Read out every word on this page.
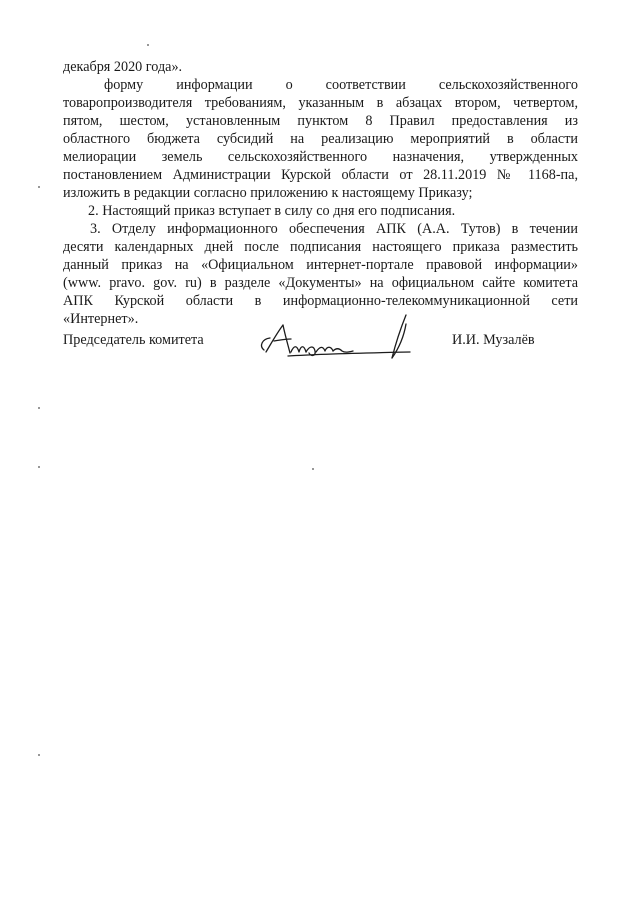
декабря 2020 года».
форму информации о соответствии сельскохозяйственного
товаропроизводителя требованиям, указанным в абзацах втором, четвертом,
пятом, шестом, установленным пунктом 8 Правил предоставления из
областного бюджета субсидий на реализацию мероприятий в области
мелиорации земель сельскохозяйственного назначения, утвержденных
постановлением Администрации Курской области от 28.11.2019 № 1168-па,
изложить в редакции согласно приложению к настоящему Приказу;
2. Настоящий приказ вступает в силу со дня его подписания.
3. Отделу информационного обеспечения АПК (А.А. Тутов) в течении
десяти календарных дней после подписания настоящего приказа разместить
данный приказ на «Официальном интернет-портале правовой информации»
(www. pravo. gov. ru) в разделе «Документы» на официальном сайте комитета
АПК Курской области в информационно-телекоммуникационной сети
«Интернет».
Председатель комитета	И.И. Музалёв
